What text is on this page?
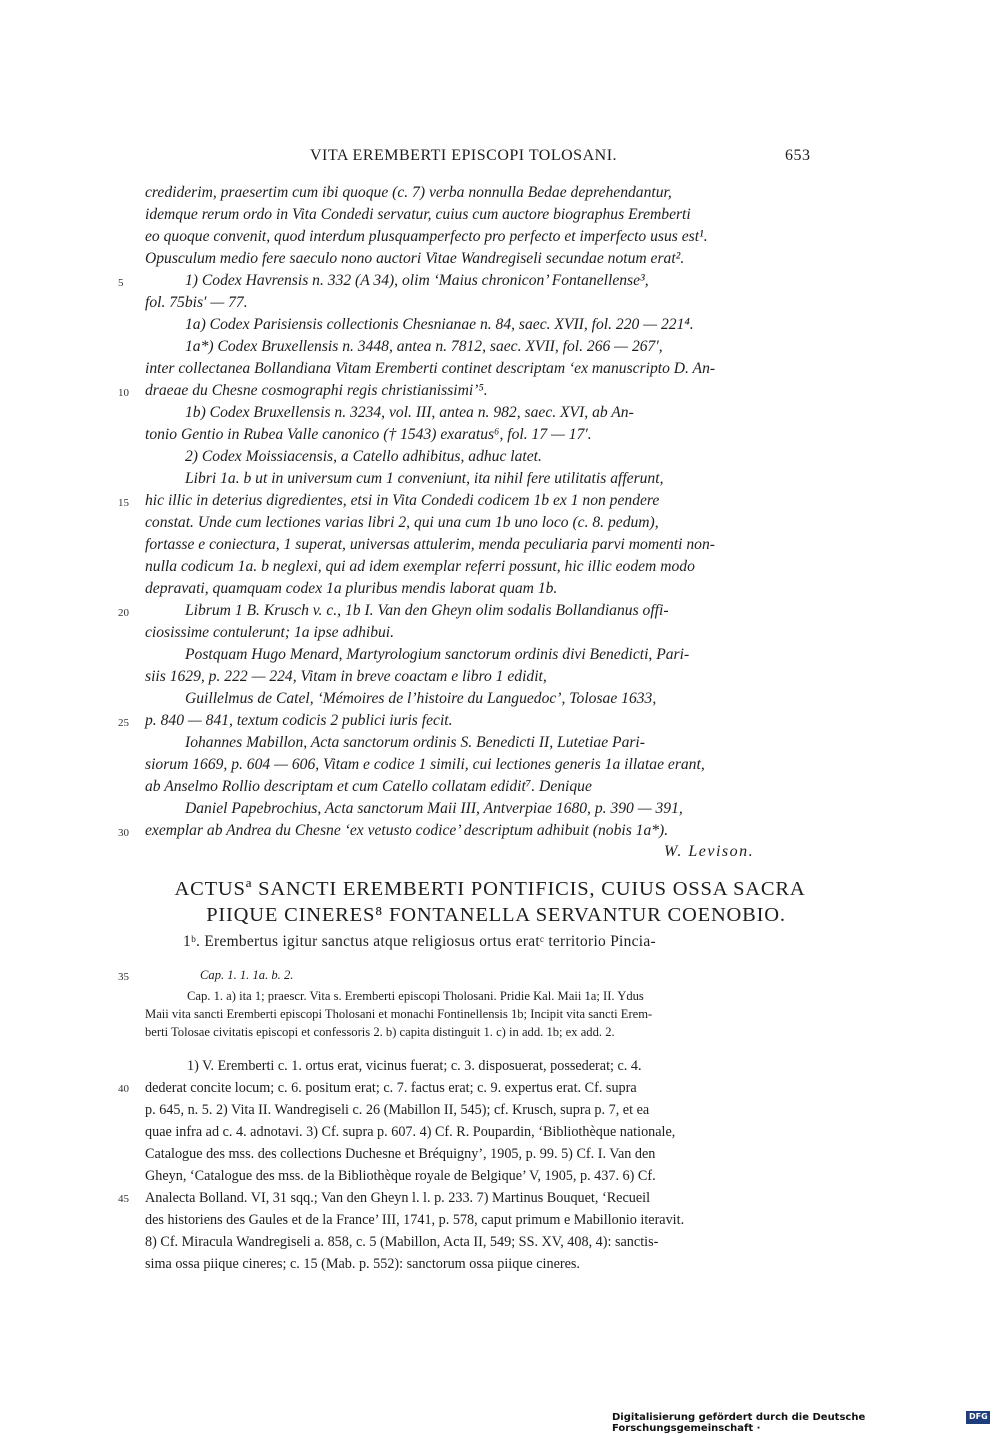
VITA EREMBERTI EPISCOPI TOLOSANI.	653
crediderim, praesertim cum ibi quoque (c. 7) verba nonnulla Bedae deprehendantur,
idemque rerum ordo in Vita Condedi servatur, cuius cum auctore biographus Eremberti
eo quoque convenit, quod interdum plusquamperfecto pro perfecto et imperfecto usus est¹.
Opusculum medio fere saeculo nono auctori Vitae Wandregiseli secundae notum erat².
5	1) Codex Havrensis n. 332 (A 34), olim ‘Maius chronicon’ Fontanellense³,
fol. 75bis′ — 77.
1a) Codex Parisiensis collectionis Chesnianae n. 84, saec. XVII, fol. 220 — 221⁴.
1a*) Codex Bruxellensis n. 3448, antea n. 7812, saec. XVII, fol. 266 — 267′,
inter collectanea Bollandiana Vitam Eremberti continet descriptam ‘ex manuscripto D. An-
10 draeae du Chesne cosmographi regis christianissimi’⁵.
1b) Codex Bruxellensis n. 3234, vol. III, antea n. 982, saec. XVI, ab An-
tonio Gentio in Rubea Valle canonico († 1543) exaratus⁶, fol. 17 — 17′.
2) Codex Moissiacensis, a Catello adhibitus, adhuc latet.
Libri 1a. b ut in universum cum 1 conveniunt, ita nihil fere utilitatis afferunt,
15 hic illic in deterius digredientes, etsi in Vita Condedi codicem 1b ex 1 non pendere
constat. Unde cum lectiones varias libri 2, qui una cum 1b uno loco (c. 8. pedum),
fortasse e coniectura, 1 superat, universas attulerim, menda peculiaria parvi momenti non-
nulla codicum 1a. b neglexi, qui ad idem exemplar referri possunt, hic illic eodem modo
depravati, quamquam codex 1a pluribus mendis laborat quam 1b.
20	Librum 1 B. Krusch v. c., 1b I. Van den Gheyn olim sodalis Bollandianus offi-
ciosissime contulerunt; 1a ipse adhibui.
Postquam Hugo Menard, Martyrologium sanctorum ordinis divi Benedicti, Pari-
siis 1629, p. 222 — 224, Vitam in breve coactam e libro 1 edidit,
Guillelmus de Catel, ‘Mémoires de l’histoire du Languedoc’, Tolosae 1633,
25 p. 840 — 841, textum codicis 2 publici iuris fecit.
Iohannes Mabillon, Acta sanctorum ordinis S. Benedicti II, Lutetiae Pari-
siorum 1669, p. 604 — 606, Vitam e codice 1 simili, cui lectiones generis 1a illatae erant,
ab Anselmo Rollio descriptam et cum Catello collatam edidit⁷. Denique
Daniel Papebrochius, Acta sanctorum Maii III, Antverpiae 1680, p. 390 — 391,
30 exemplar ab Andrea du Chesne ‘ex vetusto codice’ descriptum adhibuit (nobis 1a*).
W. Levison.
ACTUSª SANCTI EREMBERTI PONTIFICIS, CUIUS OSSA SACRA
PIIQUE CINERES⁸ FONTANELLA SERVANTUR COENOBIO.
1ᵇ. Erembertus igitur sanctus atque religiosus ortus eratᶜ territorio Pincia-
35	Cap. 1. 1. 1a. b. 2.
Cap. 1. a) ita 1; praescr. Vita s. Eremberti episcopi Tholosani. Pridie Kal. Maii 1a; II. Ydus
Maii vita sancti Eremberti episcopi Tholosani et monachi Fontinellensis 1b; Incipit vita sancti Erem-
berti Tolosae civitatis episcopi et confessoris 2. b) capita distinguit 1. c) in add. 1b; ex add. 2.
1) V. Eremberti c. 1. ortus erat, vicinus fuerat; c. 3. disposuerat, possederat; c. 4.
40 dederat concite locum; c. 6. positum erat; c. 7. factus erat; c. 9. expertus erat. Cf. supra
p. 645, n. 5. 2) Vita II. Wandregiseli c. 26 (Mabillon II, 545); cf. Krusch, supra p. 7, et ea
quae infra ad c. 4. adnotavi. 3) Cf. supra p. 607. 4) Cf. R. Poupardin, ‘Bibliothèque nationale,
Catalogue des mss. des collections Duchesne et Bréquigny’, 1905, p. 99. 5) Cf. I. Van den
Gheyn, ‘Catalogue des mss. de la Bibliothèque royale de Belgique’ V, 1905, p. 437. 6) Cf.
45 Analecta Bolland. VI, 31 sqq.; Van den Gheyn l. l. p. 233. 7) Martinus Bouquet, ‘Recueil
des historiens des Gaules et de la France’ III, 1741, p. 578, caput primum e Mabillonio iteravit.
8) Cf. Miracula Wandregiseli a. 858, c. 5 (Mabillon, Acta II, 549; SS. XV, 408, 4): sanctis-
sima ossa piique cineres; c. 15 (Mab. p. 552): sanctorum ossa piique cineres.
Digitalisierung gefördert durch die Deutsche Forschungsgemeinschaft ·
DFG
